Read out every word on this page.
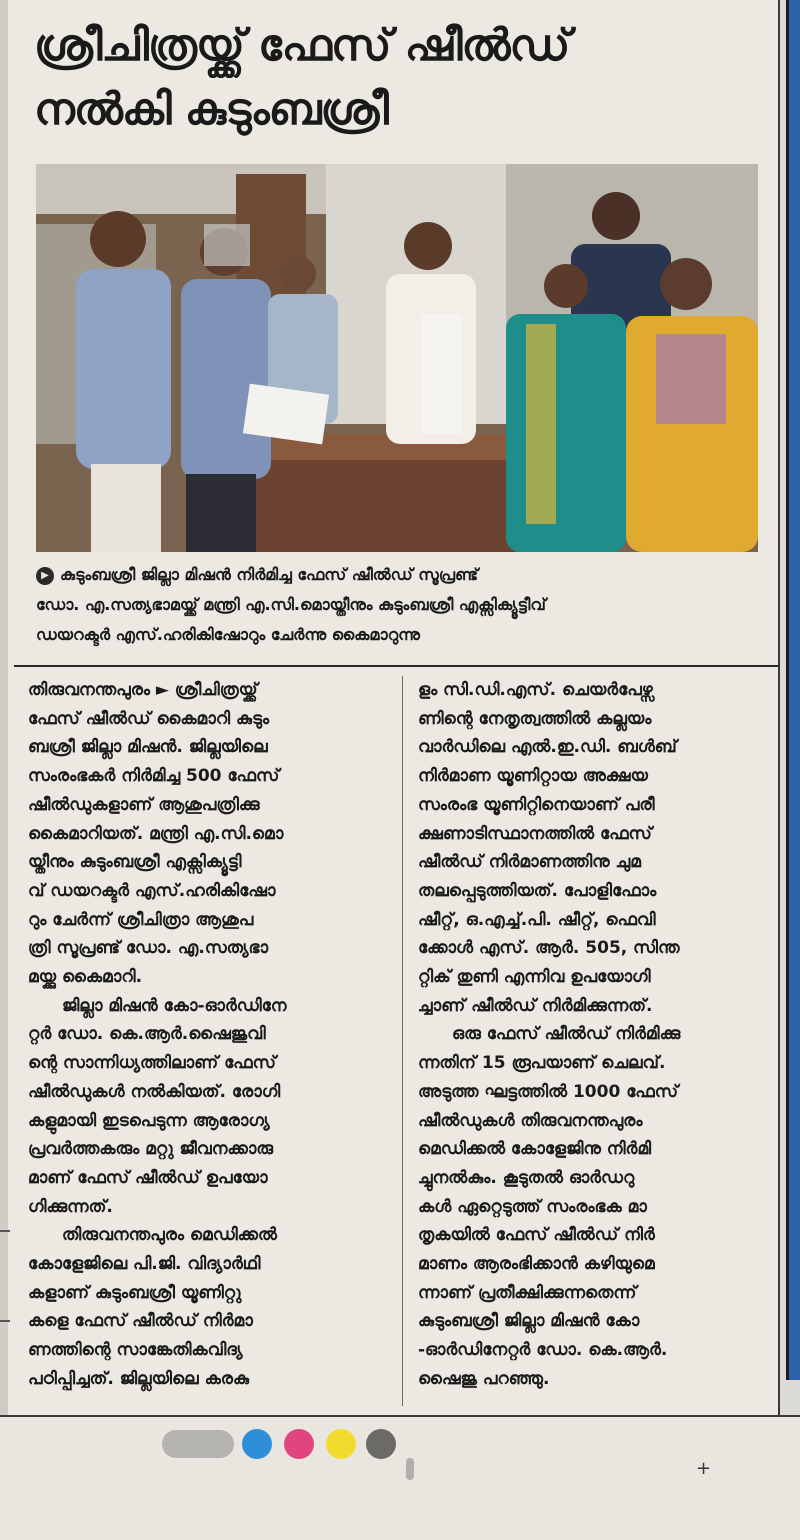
ശ്രീചിത്രയ്ക്ക് ഫേസ് ഷീൽഡ്
നൽകി കുടുംബശ്രീ
▶ കുടുംബശ്രീ ജില്ലാ മിഷൻ നിർമിച്ച ഫേസ് ഷീൽഡ് സൂപ്രണ്ട്
ഡോ. എ.സത്യഭാമയ്ക്ക് മന്ത്രി എ.സി.മൊയ്തീനും കുടുംബശ്രീ എക്സിക്യൂട്ടീവ്
ഡയറക്ടർ എസ്.ഹരികിഷോറും ചേർന്നു കൈമാറുന്നു
തിരുവനന്തപുരം ► ശ്രീചിത്രയ്ക്ക്
ഫേസ് ഷീൽഡ് കൈമാറി കുടും
ബശ്രീ ജില്ലാ മിഷൻ. ജില്ലയിലെ
സംരംഭകർ നിർമിച്ച 500 ഫേസ്
ഷീൽഡുകളാണ് ആശുപത്രിക്കു
കൈമാറിയത്. മന്ത്രി എ.സി.മൊ
യ്തീനും കുടുംബശ്രീ എക്സിക്യൂട്ടി
വ് ഡയറക്ടർ എസ്.ഹരികിഷോ
റും ചേർന്ന് ശ്രീചിത്രാ ആശുപ
ത്രി സൂപ്രണ്ട് ഡോ. എ.സത്യഭാ
മയ്ക്കു കൈമാറി.
ജില്ലാ മിഷൻ കോ-ഓർഡിനേ
റ്റർ ഡോ. കെ.ആർ.ഷൈജുവി
ന്റെ സാന്നിധ്യത്തിലാണ് ഫേസ്
ഷീൽഡുകൾ നൽകിയത്. രോഗി
കളുമായി ഇടപെടുന്ന ആരോഗ്യ
പ്രവർത്തകരും മറ്റു ജീവനക്കാരു
മാണ് ഫേസ് ഷീൽഡ് ഉപയോ
ഗിക്കുന്നത്.
തിരുവനന്തപുരം മെഡിക്കൽ
കോളേജിലെ പി.ജി. വിദ്യാർഥി
കളാണ് കുടുംബശ്രീ യൂണിറ്റു
കളെ ഫേസ് ഷീൽഡ് നിർമാ
ണത്തിന്റെ സാങ്കേതികവിദ്യ
പഠിപ്പിച്ചത്. ജില്ലയിലെ കരകു
ളം സി.ഡി.എസ്. ചെയർപേഴ്സ
ണിന്റെ നേതൃത്വത്തിൽ കല്ലയം
വാർഡിലെ എൽ.ഇ.ഡി. ബൾബ്
നിർമാണ യൂണിറ്റായ അക്ഷയ
സംരംഭ യൂണിറ്റിനെയാണ് പരീ
ക്ഷണാടിസ്ഥാനത്തിൽ ഫേസ്
ഷീൽഡ് നിർമാണത്തിനു ചുമ
തലപ്പെടുത്തിയത്. പോളിഫോം
ഷീറ്റ്, ഒ.എച്ച്.പി. ഷീറ്റ്, ഫെവി
ക്കോൾ എസ്. ആർ. 505, സിന്ത
റ്റിക് തുണി എന്നിവ ഉപയോഗി
ച്ചാണ് ഷീൽഡ് നിർമിക്കുന്നത്.
ഒരു ഫേസ് ഷീൽഡ് നിർമിക്കു
ന്നതിന് 15 രൂപയാണ് ചെലവ്.
അടുത്ത ഘട്ടത്തിൽ 1000 ഫേസ്
ഷീൽഡുകൾ തിരുവനന്തപുരം
മെഡിക്കൽ കോളേജിനു നിർമി
ച്ചുനൽകും. കൂടുതൽ ഓർഡറു
കൾ ഏറ്റെടുത്ത് സംരംഭക മാ
തൃകയിൽ ഫേസ് ഷീൽഡ് നിർ
മാണം ആരംഭിക്കാൻ കഴിയുമെ
ന്നാണ് പ്രതീക്ഷിക്കുന്നതെന്ന്
കുടുംബശ്രീ ജില്ലാ മിഷൻ കോ
-ഓർഡിനേറ്റർ ഡോ. കെ.ആർ.
ഷൈജു പറഞ്ഞു.
+
